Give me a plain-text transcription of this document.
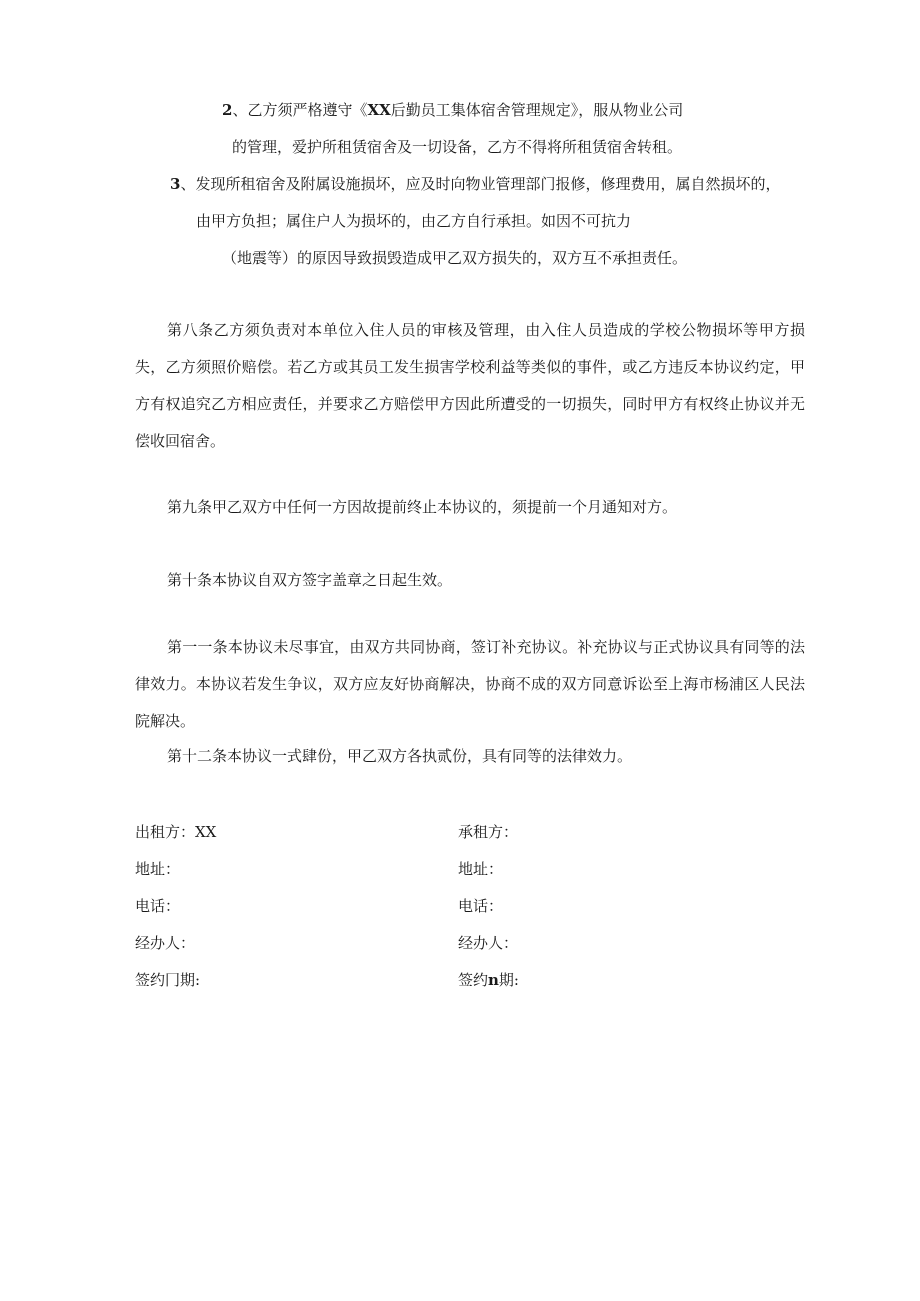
2、乙方须严格遵守《XX后勤员工集体宿舍管理规定》，服从物业公司
的管理，爱护所租赁宿舍及一切设备，乙方不得将所租赁宿舍转租。
3、发现所租宿舍及附属设施损坏，应及时向物业管理部门报修，修理费用，属自然损坏的，
由甲方负担；属住户人为损坏的，由乙方自行承担。如因不可抗力
（地震等）的原因导致损毁造成甲乙双方损失的，双方互不承担责任。
第八条乙方须负责对本单位入住人员的审核及管理，由入住人员造成的学校公物损坏等甲方损失，乙方须照价赔偿。若乙方或其员工发生损害学校利益等类似的事件，或乙方违反本协议约定，甲方有权追究乙方相应责任，并要求乙方赔偿甲方因此所遭受的一切损失，同时甲方有权终止协议并无偿收回宿舍。
第九条甲乙双方中任何一方因故提前终止本协议的，须提前一个月通知对方。
第十条本协议自双方签字盖章之日起生效。
第一一条本协议未尽事宜，由双方共同协商，签订补充协议。补充协议与正式协议具有同等的法律效力。本协议若发生争议，双方应友好协商解决，协商不成的双方同意诉讼至上海市杨浦区人民法院解决。
第十二条本协议一式肆份，甲乙双方各执贰份，具有同等的法律效力。
出租方：XX
地址：
电话：
经办人：
签约冂期:
承租方：
地址：
电话：
经办人：
签约n期:
